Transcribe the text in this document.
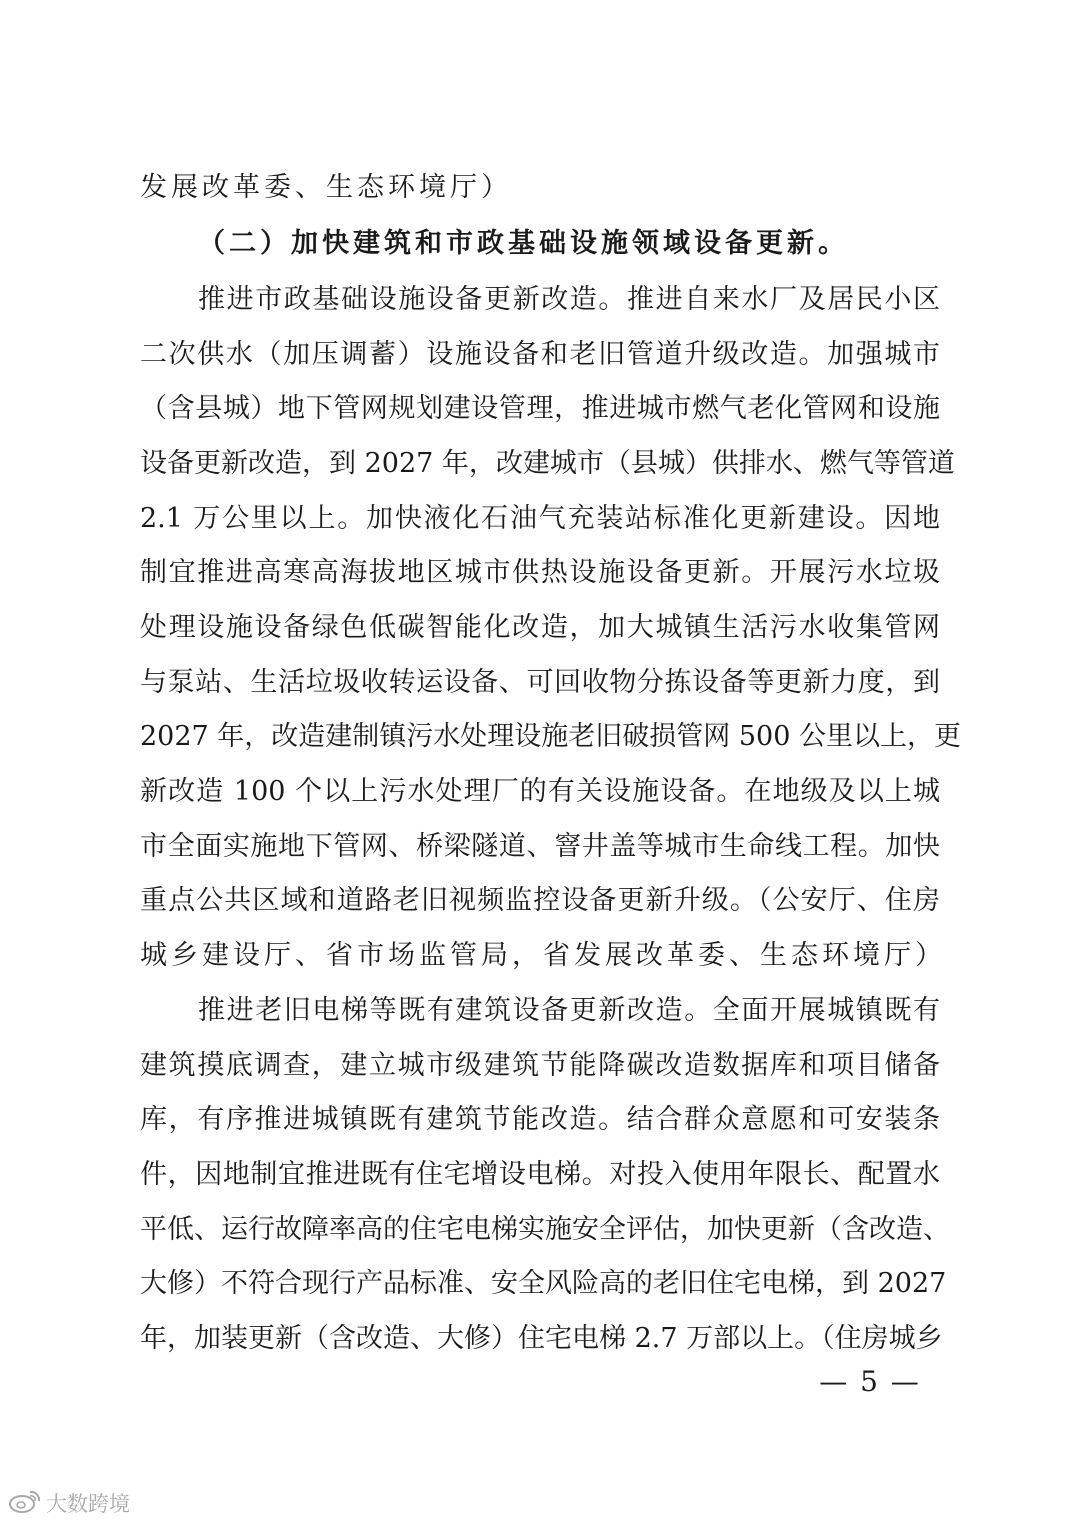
发展改革委、生态环境厅）
（二）加快建筑和市政基础设施领域设备更新。
推进市政基础设施设备更新改造。推进自来水厂及居民小区
二次供水（加压调蓄）设施设备和老旧管道升级改造。加强城市
（含县城）地下管网规划建设管理，推进城市燃气老化管网和设施
设备更新改造，到 2027 年，改建城市（县城）供排水、燃气等管道
2.1 万公里以上。加快液化石油气充装站标准化更新建设。因地
制宜推进高寒高海拔地区城市供热设施设备更新。开展污水垃圾
处理设施设备绿色低碳智能化改造，加大城镇生活污水收集管网
与泵站、生活垃圾收转运设备、可回收物分拣设备等更新力度，到
2027 年，改造建制镇污水处理设施老旧破损管网 500 公里以上，更
新改造 100 个以上污水处理厂的有关设施设备。在地级及以上城
市全面实施地下管网、桥梁隧道、窨井盖等城市生命线工程。加快
重点公共区域和道路老旧视频监控设备更新升级。（公安厅、住房
城乡建设厅、省市场监管局，省发展改革委、生态环境厅）
推进老旧电梯等既有建筑设备更新改造。全面开展城镇既有
建筑摸底调查，建立城市级建筑节能降碳改造数据库和项目储备
库，有序推进城镇既有建筑节能改造。结合群众意愿和可安装条
件，因地制宜推进既有住宅增设电梯。对投入使用年限长、配置水
平低、运行故障率高的住宅电梯实施安全评估，加快更新（含改造、
大修）不符合现行产品标准、安全风险高的老旧住宅电梯，到 2027
年，加装更新（含改造、大修）住宅电梯 2.7 万部以上。（住房城乡
— 5 —
大数跨境
